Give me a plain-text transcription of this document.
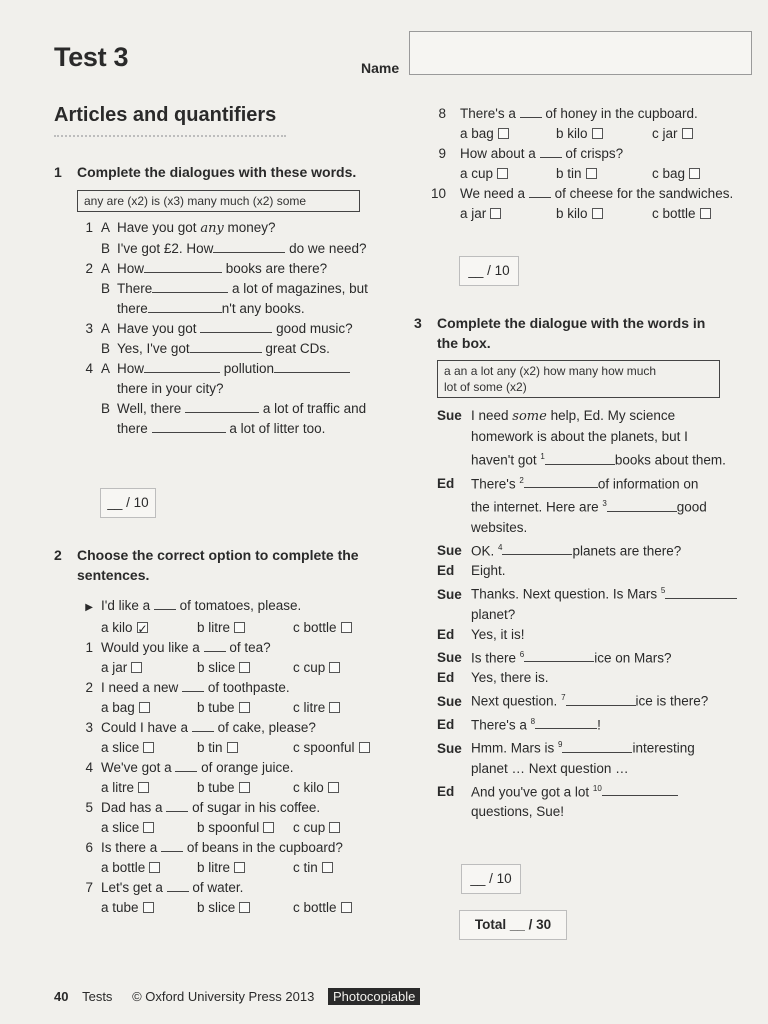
Test 3	Name
Articles and quantifiers
1 Complete the dialogues with these words.
any are (x2) is (x3) many much (x2) some
1 A Have you got any money?
B I've got £2. How	do we need?
2 A How	books are there?
B There	a lot of magazines, but
there	n't any books.
3 A Have you got	good music?
B Yes, I've got	great CDs.
4 A How	pollution
there in your city?
B Well, there	a lot of traffic and
there	a lot of litter too.
__ / 10
2 Choose the correct option to complete the
sentences.
▶ I'd like a of tomatoes, please.
a kilo✓	b litre	c bottle
1 Would you like a of tea?
a jar	b slice	c cup
2 I need a new of toothpaste.
a bag	b tube	c litre
3 Could I have a of cake, please?
a slice	b tin	c spoonful
4 We've got a of orange juice.
a litre	b tube	c kilo
5 Dad has a of sugar in his coffee.
a slice	b spoonful c cup
6 Is there a of beans in the cupboard?
a bottle	b litre	c tin
7 Let's get a of water.
a tube	b slice	c bottle
8 There's a of honey in the cupboard.
a bag	b kilo	c jar
9 How about a of crisps?
a cup	b tin	c bag
10 We need a of cheese for the sandwiches.
a jar	b kilo	c bottle
__ / 10
3 Complete the dialogue with the words in
the box.
a an a lot any (x2) how many how much
lot of some (x2)
Sue I need some help, Ed. My science
homework is about the planets, but I
haven't got $^1$	books about them.
Ed There's $^2$	of information on
the internet. Here are $^3$	good
websites.
Sue OK. $^4$	planets are there?
Ed Eight.
Sue Thanks. Next question. Is Mars $^5$
planet?
Ed Yes, it is!
Sue Is there $^6$	ice on Mars?
Ed Yes, there is.
Sue Next question. $^7$	ice is there?
Ed There's a $^8$	!
Sue Hmm. Mars is $^9$	interesting
planet … Next question …
Ed And you've got a lot $^{10}$
questions, Sue!
__ / 10
Total __ / 30
40 Tests © Oxford University Press 2013 Photocopiable
